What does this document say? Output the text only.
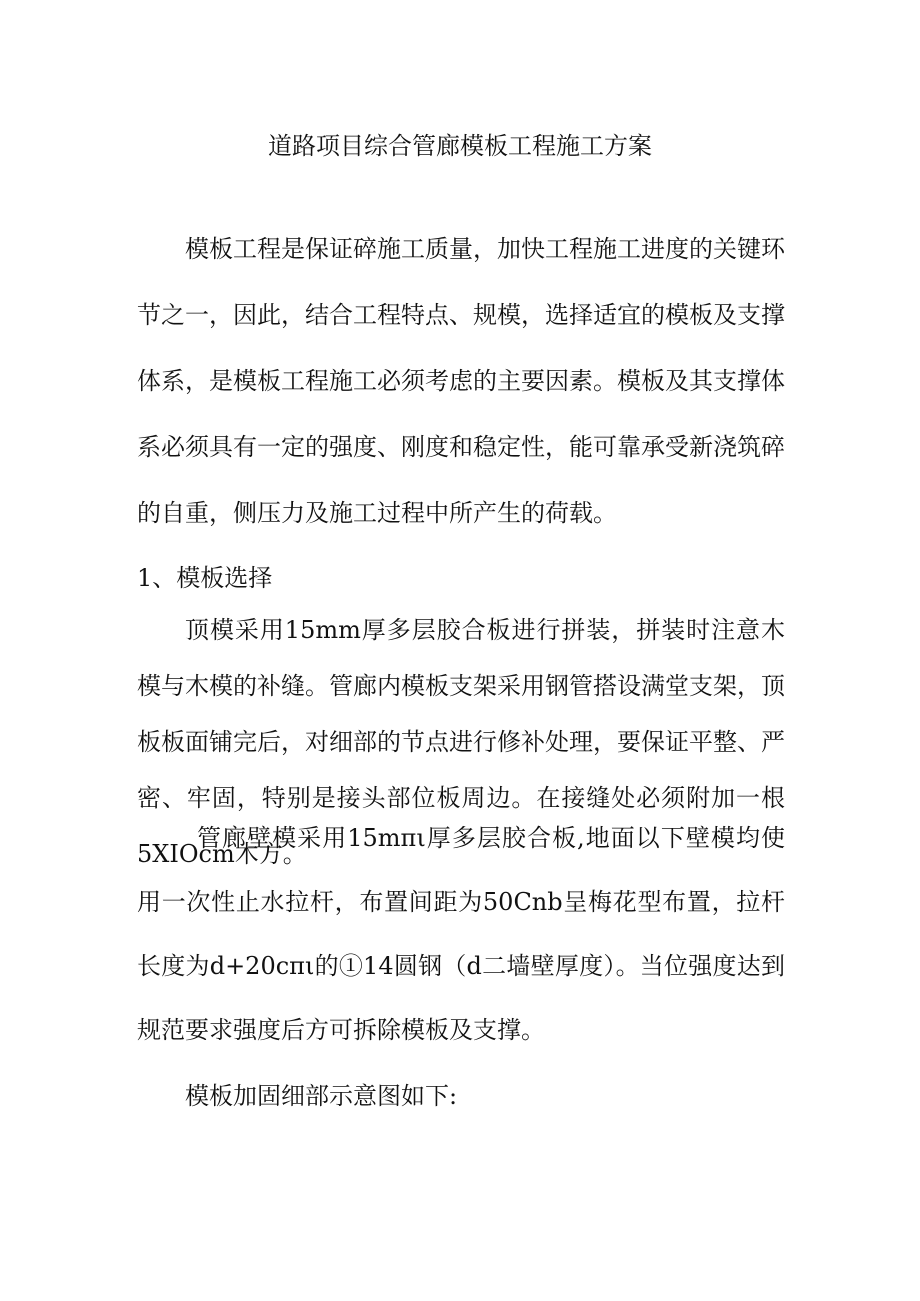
道路项目综合管廊模板工程施工方案

模板工程是保证碎施工质量，加快工程施工进度的关键环节之一，因此，结合工程特点、规模，选择适宜的模板及支撑体系，是模板工程施工必须考虑的主要因素。模板及其支撑体系必须具有一定的强度、刚度和稳定性，能可靠承受新浇筑碎的自重，侧压力及施工过程中所产生的荷载。

1、模板选择

顶模采用15mm厚多层胶合板进行拼装，拼装时注意木模与木模的补缝。管廊内模板支架采用钢管搭设满堂支架，顶板板面铺完后，对细部的节点进行修补处理，要保证平整、严密、牢固，特别是接头部位板周边。在接缝处必须附加一根5XIOcm木方。

管廊壁模采用15mπι厚多层胶合板,地面以下壁模均使用一次性止水拉杆，布置间距为50Cnb呈梅花型布置，拉杆长度为d+20cπι的①14圆钢（d二墙壁厚度）。当位强度达到规范要求强度后方可拆除模板及支撑。

模板加固细部示意图如下:
